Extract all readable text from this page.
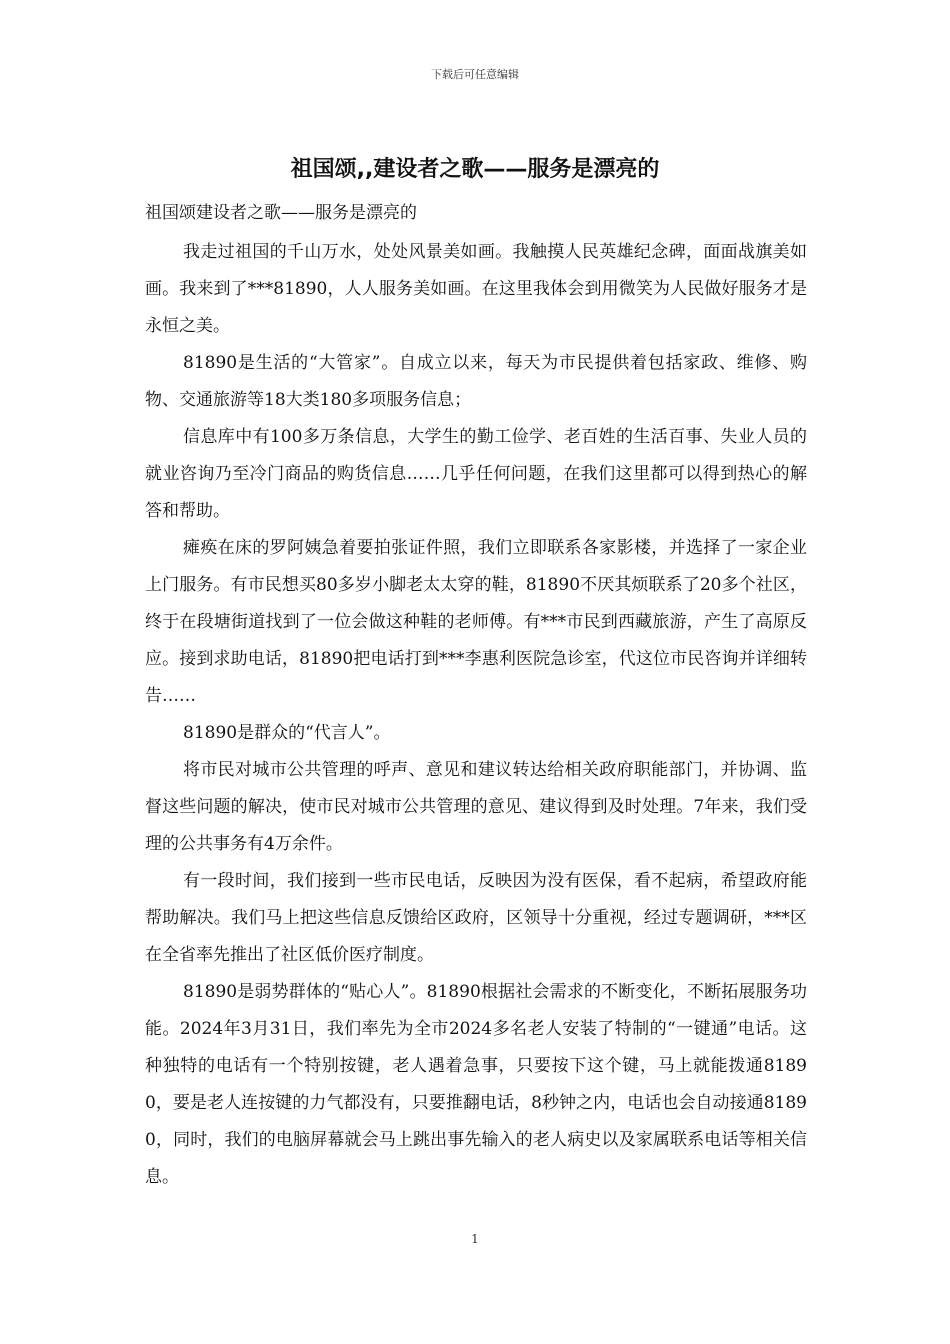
下载后可任意编辑
祖国颂,,建设者之歌——服务是漂亮的

祖国颂建设者之歌——服务是漂亮的

我走过祖国的千山万水，处处风景美如画。我触摸人民英雄纪念碑，面面战旗美如画。我来到了***81890，人人服务美如画。在这里我体会到用微笑为人民做好服务才是永恒之美。

81890是生活的“大管家”。自成立以来，每天为市民提供着包括家政、维修、购物、交通旅游等18大类180多项服务信息；

信息库中有100多万条信息，大学生的勤工俭学、老百姓的生活百事、失业人员的就业咨询乃至冷门商品的购货信息……几乎任何问题，在我们这里都可以得到热心的解答和帮助。

瘫痪在床的罗阿姨急着要拍张证件照，我们立即联系各家影楼，并选择了一家企业上门服务。有市民想买80多岁小脚老太太穿的鞋，81890不厌其烦联系了20多个社区，终于在段塘街道找到了一位会做这种鞋的老师傅。有***市民到西藏旅游，产生了高原反应。接到求助电话，81890把电话打到***李惠利医院急诊室，代这位市民咨询并详细转告……

81890是群众的“代言人”。

将市民对城市公共管理的呼声、意见和建议转达给相关政府职能部门，并协调、监督这些问题的解决，使市民对城市公共管理的意见、建议得到及时处理。7年来，我们受理的公共事务有4万余件。

有一段时间，我们接到一些市民电话，反映因为没有医保，看不起病，希望政府能帮助解决。我们马上把这些信息反馈给区政府，区领导十分重视，经过专题调研，***区在全省率先推出了社区低价医疗制度。

81890是弱势群体的“贴心人”。81890根据社会需求的不断变化，不断拓展服务功能。2024年3月31日，我们率先为全市2024多名老人安装了特制的“一键通”电话。这种独特的电话有一个特别按键，老人遇着急事，只要按下这个键，马上就能拨通81890，要是老人连按键的力气都没有，只要推翻电话，8秒钟之内，电话也会自动接通81890，同时，我们的电脑屏幕就会马上跳出事先输入的老人病史以及家属联系电话等相关信息。

1
